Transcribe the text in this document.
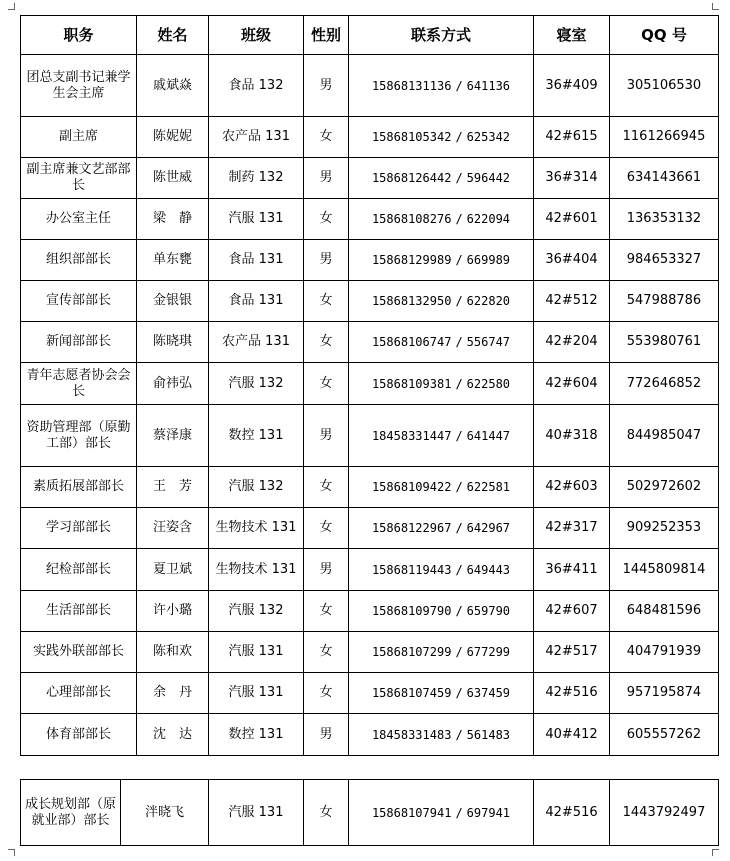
职务	姓名	班级	性别	联系方式	寝室	QQ 号
团总支副书记兼学生会主席	戚斌焱	食品 132	男	15868131136 / 641136	36#409	305106530
副主席	陈妮妮	农产品 131	女	15868105342 / 625342	42#615	1161266945
副主席兼文艺部部长	陈世威	制药 132	男	15868126442 / 596442	36#314	634143661
办公室主任	梁　静	汽服 131	女	15868108276 / 622094	42#601	136353132
组织部部长	单东甕	食品 131	男	15868129989 / 669989	36#404	984653327
宣传部部长	金银银	食品 131	女	15868132950 / 622820	42#512	547988786
新闻部部长	陈晓琪	农产品 131	女	15868106747 / 556747	42#204	553980761
青年志愿者协会会长	俞祎弘	汽服 132	女	15868109381 / 622580	42#604	772646852
资助管理部（原勤工部）部长	蔡泽康	数控 131	男	18458331447 / 641447	40#318	844985047
素质拓展部部长	王　芳	汽服 132	女	15868109422 / 622581	42#603	502972602
学习部部长	汪姿含	生物技术 131	女	15868122967 / 642967	42#317	909252353
纪检部部长	夏卫斌	生物技术 131	男	15868119443 / 649443	36#411	1445809814
生活部部长	许小璐	汽服 132	女	15868109790 / 659790	42#607	648481596
实践外联部部长	陈和欢	汽服 131	女	15868107299 / 677299	42#517	404791939
心理部部长	余　丹	汽服 131	女	15868107459 / 637459	42#516	957195874
体育部部长	沈　达	数控 131	男	18458331483 / 561483	40#412	605557262
成长规划部（原就业部）部长	泮晓飞	汽服 131	女	15868107941 / 697941	42#516	1443792497
